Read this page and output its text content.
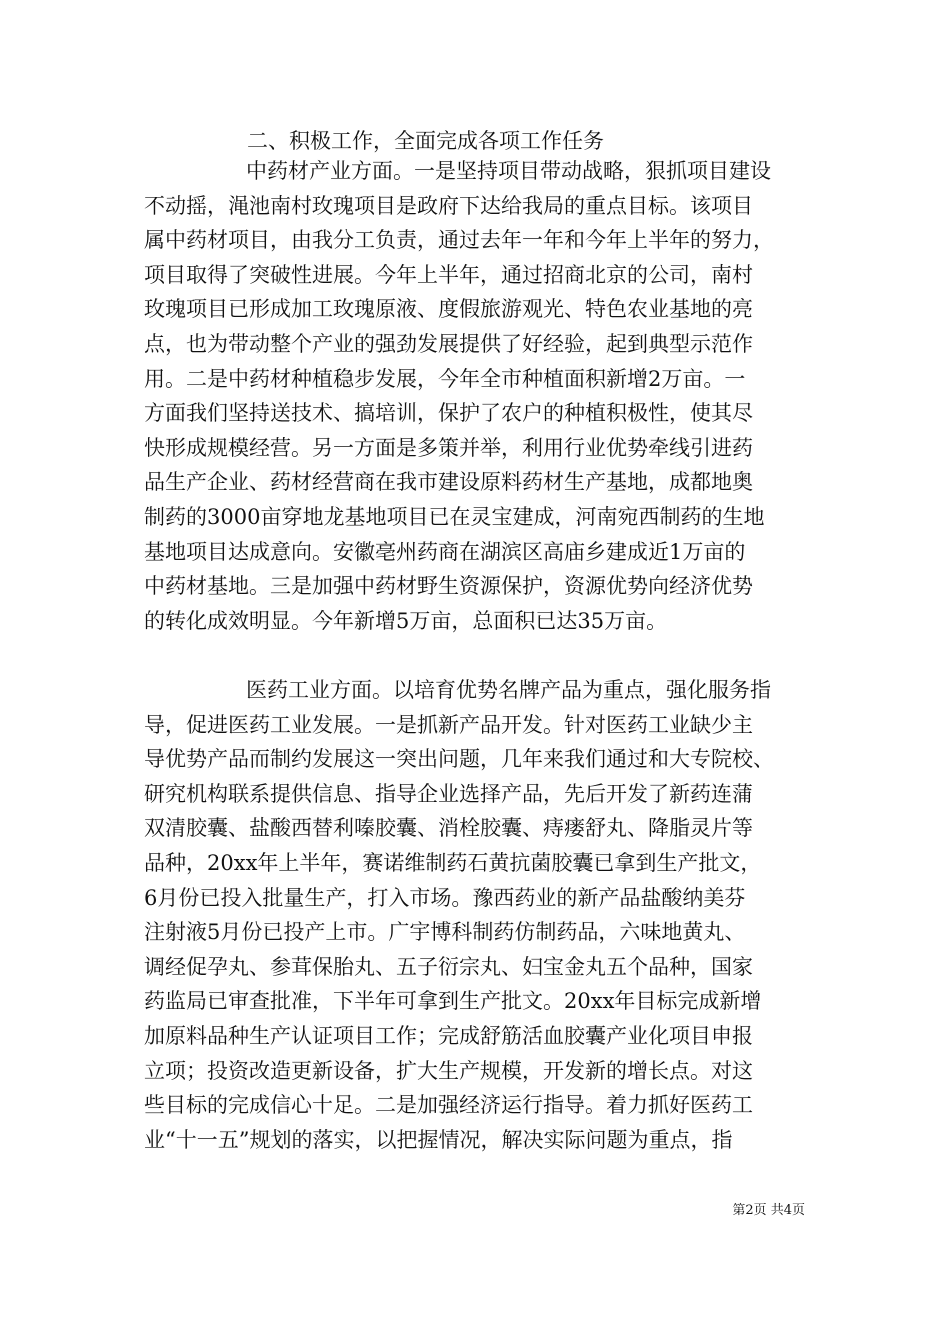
二、积极工作，全面完成各项工作任务
中药材产业方面。一是坚持项目带动战略，狠抓项目建设
不动摇，渑池南村玫瑰项目是政府下达给我局的重点目标。该项目
属中药材项目，由我分工负责，通过去年一年和今年上半年的努力，
项目取得了突破性进展。今年上半年，通过招商北京的公司，南村
玫瑰项目已形成加工玫瑰原液、度假旅游观光、特色农业基地的亮
点，也为带动整个产业的强劲发展提供了好经验，起到典型示范作
用。二是中药材种植稳步发展，今年全市种植面积新增2万亩。一
方面我们坚持送技术、搞培训，保护了农户的种植积极性，使其尽
快形成规模经营。另一方面是多策并举，利用行业优势牵线引进药
品生产企业、药材经营商在我市建设原料药材生产基地，成都地奥
制药的3000亩穿地龙基地项目已在灵宝建成，河南宛西制药的生地
基地项目达成意向。安徽亳州药商在湖滨区高庙乡建成近1万亩的
中药材基地。三是加强中药材野生资源保护，资源优势向经济优势
的转化成效明显。今年新增5万亩，总面积已达35万亩。
医药工业方面。以培育优势名牌产品为重点，强化服务指
导，促进医药工业发展。一是抓新产品开发。针对医药工业缺少主
导优势产品而制约发展这一突出问题，几年来我们通过和大专院校、
研究机构联系提供信息、指导企业选择产品，先后开发了新药连蒲
双清胶囊、盐酸西替利嗪胶囊、消栓胶囊、痔瘘舒丸、降脂灵片等
品种，20xx年上半年，赛诺维制药石黄抗菌胶囊已拿到生产批文，
6月份已投入批量生产，打入市场。豫西药业的新产品盐酸纳美芬
注射液5月份已投产上市。广宇博科制药仿制药品，六味地黄丸、
调经促孕丸、参茸保胎丸、五子衍宗丸、妇宝金丸五个品种，国家
药监局已审查批准，下半年可拿到生产批文。20xx年目标完成新增
加原料品种生产认证项目工作；完成舒筋活血胶囊产业化项目申报
立项；投资改造更新设备，扩大生产规模，开发新的增长点。对这
些目标的完成信心十足。二是加强经济运行指导。着力抓好医药工
业“十一五”规划的落实，以把握情况，解决实际问题为重点，指
第2页 共4页
